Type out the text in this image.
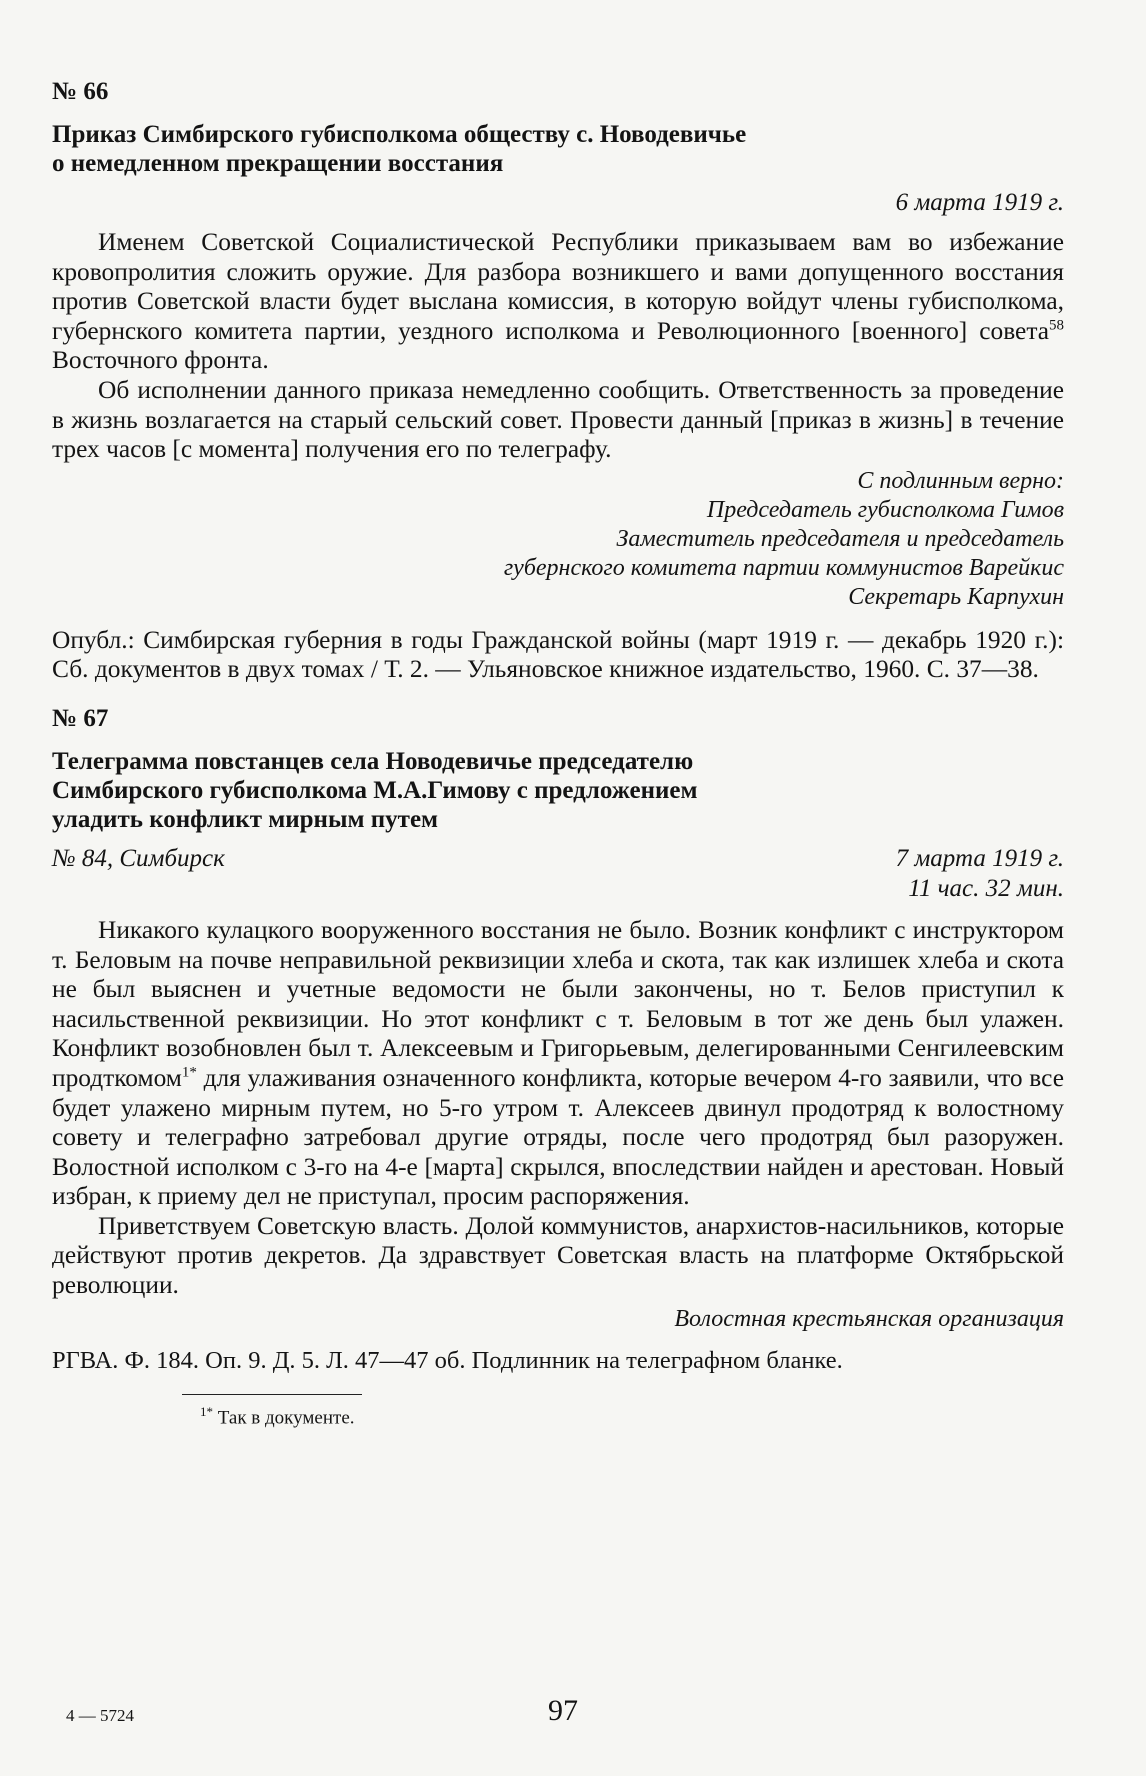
№ 66
Приказ Симбирского губисполкома обществу с. Новодевичье
о немедленном прекращении восстания
6 марта 1919 г.

Именем Советской Социалистической Республики приказываем вам во избежание кровопролития сложить оружие. Для разбора возникшего и вами допущенного восстания против Советской власти будет выслана комиссия, в которую войдут члены губисполкома, губернского комитета партии, уездного исполкома и Революционного [военного] совета$^{58}$ Восточного фронта.

Об исполнении данного приказа немедленно сообщить. Ответственность за проведение в жизнь возлагается на старый сельский совет. Провести данный [приказ в жизнь] в течение трех часов [с момента] получения его по телеграфу.

С подлинным верно:
Председатель губисполкома Гимов
Заместитель председателя и председатель
губернского комитета партии коммунистов Варейкис
Секретарь Карпухин

Опубл.: Симбирская губерния в годы Гражданской войны (март 1919 г. — декабрь 1920 г.): Сб. документов в двух томах / Т. 2. — Ульяновское книжное издательство, 1960. С. 37—38.

№ 67
Телеграмма повстанцев села Новодевичье председателю
Симбирского губисполкома М.А.Гимову с предложением
уладить конфликт мирным путем
№ 84, Симбирск	7 марта 1919 г.
11 час. 32 мин.

Никакого кулацкого вооруженного восстания не было. Возник конфликт с инструктором т. Беловым на почве неправильной реквизиции хлеба и скота, так как излишек хлеба и скота не был выяснен и учетные ведомости не были закончены, но т. Белов приступил к насильственной реквизиции. Но этот конфликт с т. Беловым в тот же день был улажен. Конфликт возобновлен был т. Алексеевым и Григорьевым, делегированными Сенгилеевским продткомом$^{1*}$ для улаживания означенного конфликта, которые вечером 4-го заявили, что все будет улажено мирным путем, но 5-го утром т. Алексеев двинул продотряд к волостному совету и телеграфно затребовал другие отряды, после чего продотряд был разоружен. Волостной исполком с 3-го на 4-е [марта] скрылся, впоследствии найден и арестован. Новый избран, к приему дел не приступал, просим распоряжения.

Приветствуем Советскую власть. Долой коммунистов, анархистов-насильников, которые действуют против декретов. Да здравствует Советская власть на платформе Октябрьской революции.

Волостная крестьянская организация
РГВА. Ф. 184. Оп. 9. Д. 5. Л. 47—47 об. Подлинник на телеграфном бланке.
$^{1*}$ Так в документе.
4 — 5724	97
